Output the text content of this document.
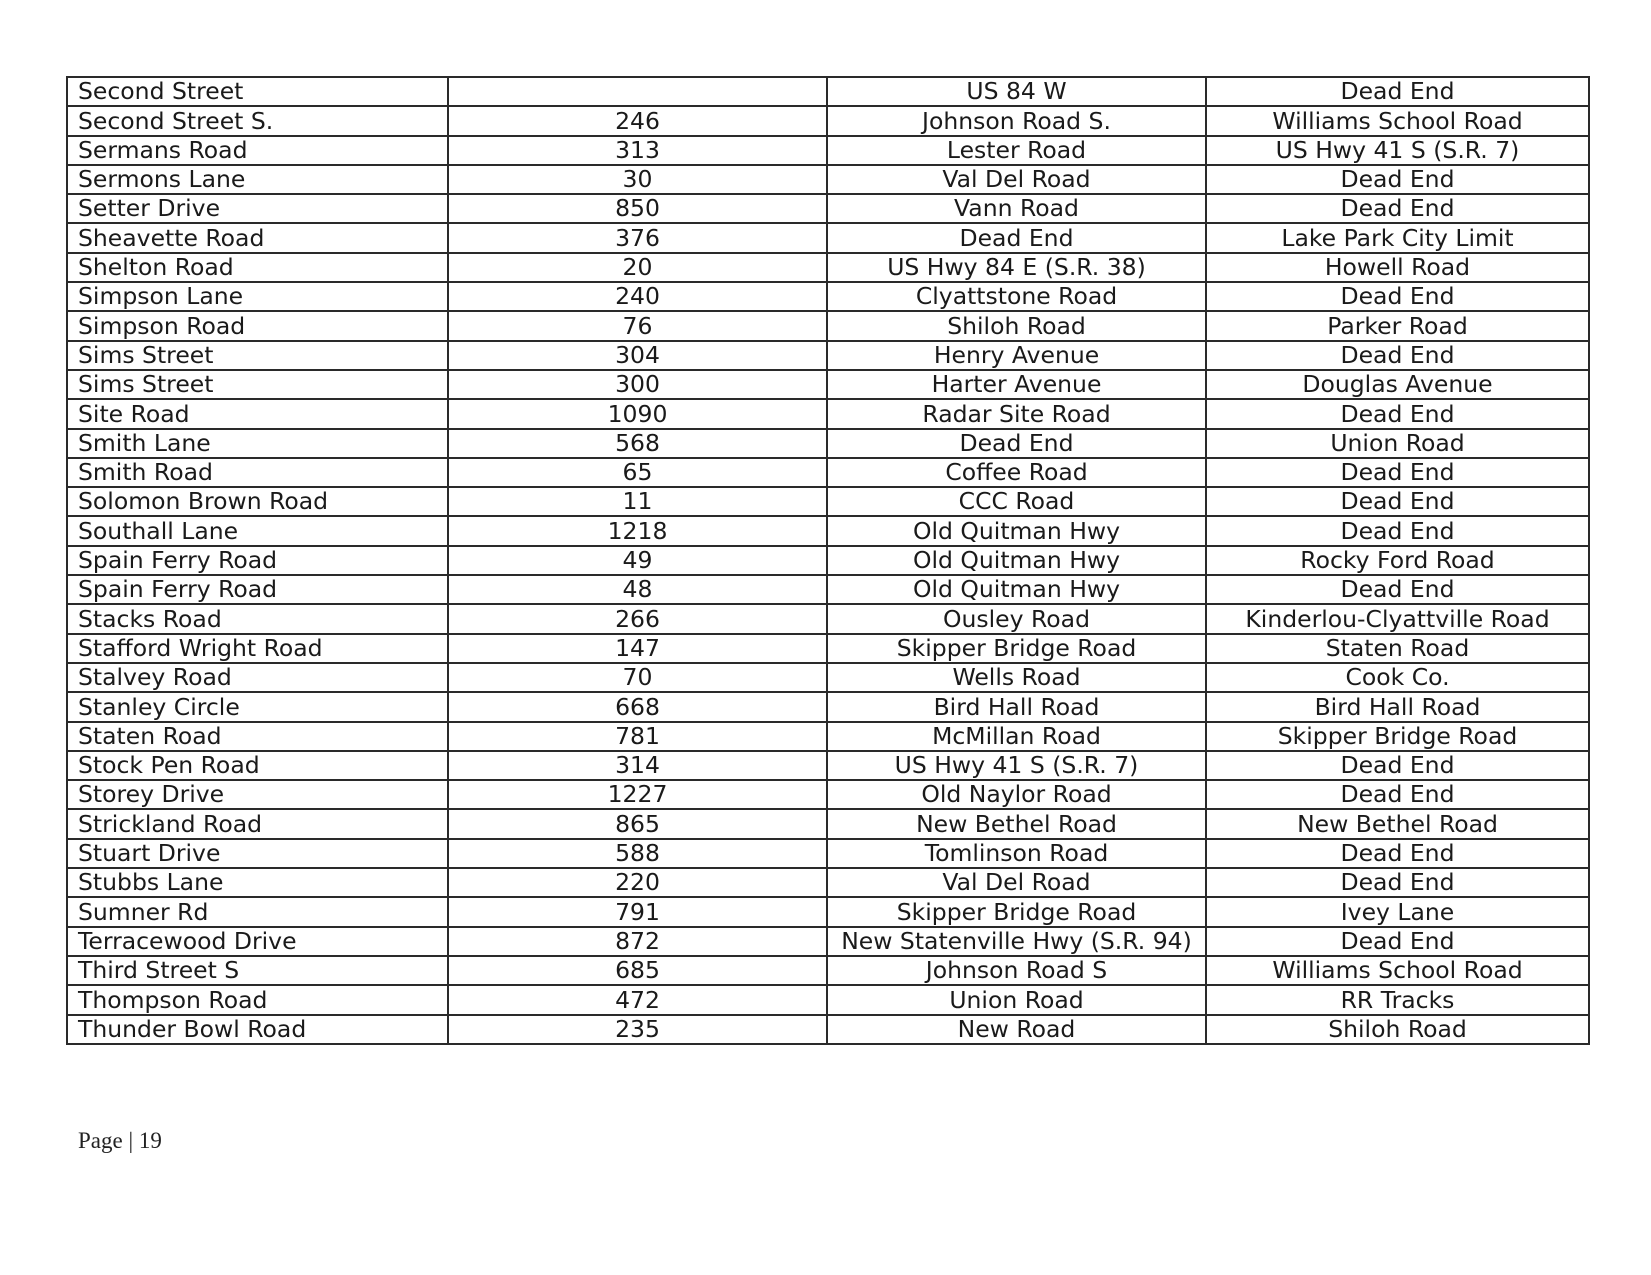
Second Street		US 84 W	Dead End
Second Street S.	246	Johnson Road S.	Williams School Road
Sermans Road	313	Lester Road	US Hwy 41 S (S.R. 7)
Sermons Lane	30	Val Del Road	Dead End
Setter Drive	850	Vann Road	Dead End
Sheavette Road	376	Dead End	Lake Park City Limit
Shelton Road	20	US Hwy 84 E (S.R. 38)	Howell Road
Simpson Lane	240	Clyattstone Road	Dead End
Simpson Road	76	Shiloh Road	Parker Road
Sims Street	304	Henry Avenue	Dead End
Sims Street	300	Harter Avenue	Douglas Avenue
Site Road	1090	Radar Site Road	Dead End
Smith Lane	568	Dead End	Union Road
Smith Road	65	Coffee Road	Dead End
Solomon Brown Road	11	CCC Road	Dead End
Southall Lane	1218	Old Quitman Hwy	Dead End
Spain Ferry Road	49	Old Quitman Hwy	Rocky Ford Road
Spain Ferry Road	48	Old Quitman Hwy	Dead End
Stacks Road	266	Ousley Road	Kinderlou-Clyattville Road
Stafford Wright Road	147	Skipper Bridge Road	Staten Road
Stalvey Road	70	Wells Road	Cook Co.
Stanley Circle	668	Bird Hall Road	Bird Hall Road
Staten Road	781	McMillan Road	Skipper Bridge Road
Stock Pen Road	314	US Hwy 41 S (S.R. 7)	Dead End
Storey Drive	1227	Old Naylor Road	Dead End
Strickland Road	865	New Bethel Road	New Bethel Road
Stuart Drive	588	Tomlinson Road	Dead End
Stubbs Lane	220	Val Del Road	Dead End
Sumner Rd	791	Skipper Bridge Road	Ivey Lane
Terracewood Drive	872	New Statenville Hwy (S.R. 94)	Dead End
Third Street S	685	Johnson Road S	Williams School Road
Thompson Road	472	Union Road	RR Tracks
Thunder Bowl Road	235	New Road	Shiloh Road
Page | 19
